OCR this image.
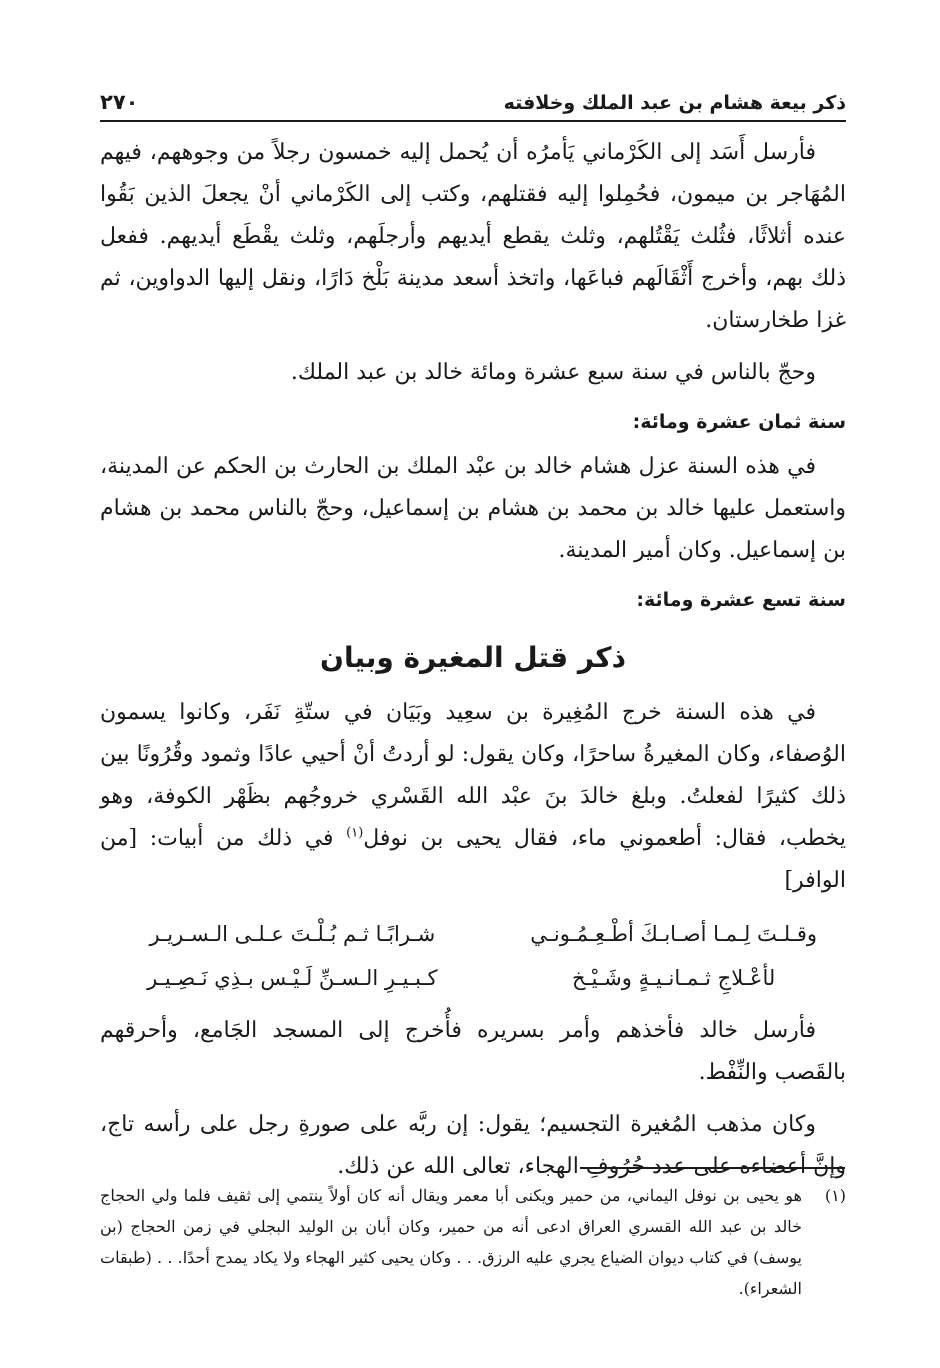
ذكر بيعة هشام بن عبد الملك وخلافته
٢٧٠

فأرسل أَسَد إلى الكَرْماني يَأمرُه أن يُحمل إليه خمسون رجلاً من وجوههم، فيهم المُهَاجر بن ميمون، فحُمِلوا إليه فقتلهم، وكتب إلى الكَرْماني أنْ يجعلَ الذين بَقُوا عنده أثلاثًا، فثُلث يَقْتُلهم، وثلث يقطع أيديهم وأرجلَهم، وثلث يقْطَع أيديهم. ففعل ذلك بهم، وأخرج أَثْقَالَهم فباعَها، واتخذ أسعد مدينة بَلْخ دَارًا، ونقل إليها الدواوين، ثم غزا طخارستان.

وحجّ بالناس في سنة سبع عشرة ومائة خالد بن عبد الملك.

سنة ثمان عشرة ومائة:

في هذه السنة عزل هشام خالد بن عبْد الملك بن الحارث بن الحكم عن المدينة، واستعمل عليها خالد بن محمد بن هشام بن إسماعيل، وحجّ بالناس محمد بن هشام بن إسماعيل. وكان أمير المدينة.

سنة تسع عشرة ومائة:
ذكر قتل المغيرة وبيان

في هذه السنة خرج المُغِيرة بن سعِيد وبَيَان في ستّةِ نَفَر، وكانوا يسمون الوُصفاء، وكان المغيرةُ ساحرًا، وكان يقول: لو أردتُ أنْ أحيي عادًا وثمود وقُرُونًا بين ذلك كثيرًا لفعلتُ. وبلغ خالدَ بنَ عبْد الله القَسْري خروجُهم بظَهْر الكوفة، وهو يخطب، فقال: أطعموني ماء، فقال يحيى بن نوفل$^{(١)}$ في ذلك من أبيات: [من الوافر]

وقـلـتَ لِـمـا أصـابـكَ أطْـعِـمُـونـي
شـرابًـا ثـم بُـلْـتَ عـلـى الـسـريـر
لأعْـلاجِ ثـمـانـيـةٍ وشَـيْـخ
كـبـيـرِ الـسـنِّ لَـيْـس بـذِي نَـصِـيـر

فأرسل خالد فأخذهم وأمر بسريره فأُخرج إلى المسجد الجَامع، وأحرقهم بالقَصب والنِّفْط.

وكان مذهب المُغيرة التجسيم؛ يقول: إن ربَّه على صورةِ رجل على رأسه تاج، وإنَّ أعضاءه على عدد حُرُوفِ الهجاء، تعالى الله عن ذلك.

(١)
هو يحيى بن نوفل اليماني، من حمير ويكنى أبا معمر ويقال أنه كان أولاً ينتمي إلى ثقيف فلما ولي الحجاج خالد بن عبد الله القسري العراق ادعى أنه من حمير، وكان أبان بن الوليد البجلي في زمن الحجاج (بن يوسف) في كتاب ديوان الضياع يجري عليه الرزق. . . وكان يحيى كثير الهجاء ولا يكاد يمدح أحدًا. . . (طبقات الشعراء).
